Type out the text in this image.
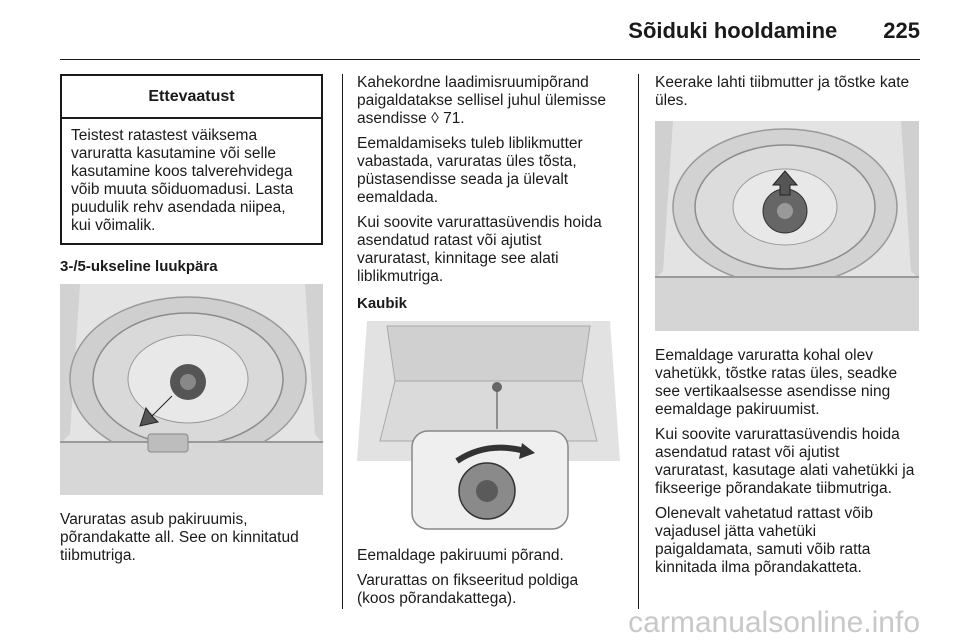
Sõiduki hooldamine 225
Ettevaatust

Teistest ratastest väiksema

varuratta kasutamine või selle

kasutamine koos talverehvidega

võib muuta sõiduomadusi. Lasta

puudulik rehv asendada niipea,

kui võimalik.

3-/5-ukseline luukpära

Varuratas asub pakiruumis,

põrandakatte all. See on kinnitatud

tiibmutriga.

Kahekordne laadimisruumipõrand

paigaldatakse sellisel juhul ülemisse

asendisse ◊ 71.

Eemaldamiseks tuleb liblikmutter

vabastada, varuratas üles tõsta,

püstasendisse seada ja ülevalt

eemaldada.

Kui soovite varurattasüvendis hoida

asendatud ratast või ajutist

varuratast, kinnitage see alati

liblikmutriga.

Kaubik

Eemaldage pakiruumi põrand.

Varurattas on fikseeritud poldiga

(koos põrandakattega).

Keerake lahti tiibmutter ja tõstke kate

üles.

Eemaldage varuratta kohal olev

vahetükk, tõstke ratas üles, seadke

see vertikaalsesse asendisse ning

eemaldage pakiruumist.

Kui soovite varurattasüvendis hoida

asendatud ratast või ajutist

varuratast, kasutage alati vahetükki ja

fikseerige põrandakate tiibmutriga.

Olenevalt vahetatud rattast võib

vajadusel jätta vahetüki

paigaldamata, samuti võib ratta

kinnitada ilma põrandakatteta.

carmanualsonline.info
